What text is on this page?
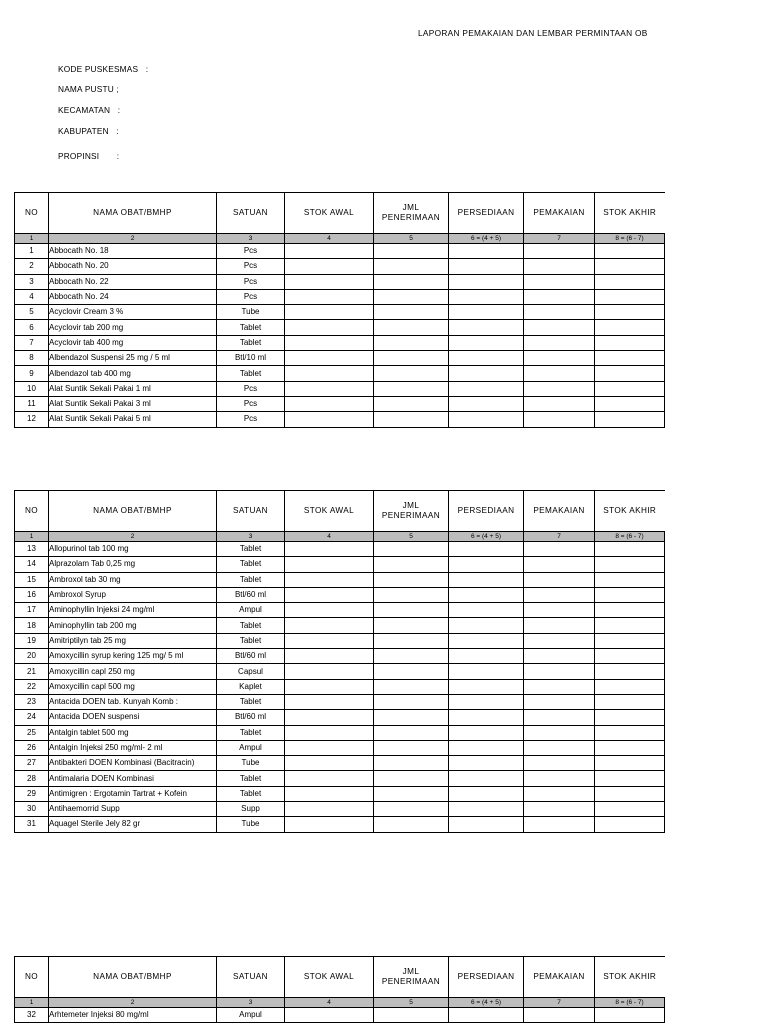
LAPORAN PEMAKAIAN DAN LEMBAR PERMINTAAN OB
KODE PUSKESMAS   :
NAMA PUSTU ;
KECAMATAN   :
KABUPATEN   :
PROPINSI       :
NO	NAMA OBAT/BMHP	SATUAN	STOK AWAL	JML
PENERIMAAN	PERSEDIAAN	PEMAKAIAN	STOK AKHIR
1	2	3	4	5	6 = (4 + 5)	7	8 = (6 - 7)
1	Abbocath No. 18	Pcs					
2	Abbocath No. 20	Pcs					
3	Abbocath No. 22	Pcs					
4	Abbocath No. 24	Pcs					
5	Acyclovir Cream 3 %	Tube					
6	Acyclovir tab 200 mg	Tablet					
7	Acyclovir tab 400 mg	Tablet					
8	Albendazol Suspensi 25 mg / 5 ml	Btl/10 ml					
9	Albendazol tab 400 mg	Tablet					
10	Alat Suntik Sekali Pakai 1 ml	Pcs					
11	Alat Suntik Sekali Pakai 3 ml	Pcs					
12	Alat Suntik Sekali Pakai 5 ml	Pcs					
NO	NAMA OBAT/BMHP	SATUAN	STOK AWAL	JML
PENERIMAAN	PERSEDIAAN	PEMAKAIAN	STOK AKHIR
1	2	3	4	5	6 = (4 + 5)	7	8 = (6 - 7)
13	Allopurinol tab 100 mg	Tablet					
14	Alprazolam Tab 0,25 mg	Tablet					
15	Ambroxol tab 30 mg	Tablet					
16	Ambroxol Syrup	Btl/60 ml					
17	Aminophyllin Injeksi 24 mg/ml	Ampul					
18	Aminophyllin tab 200 mg	Tablet					
19	Amitriptilyn tab 25 mg	Tablet					
20	Amoxycillin syrup kering 125 mg/ 5 ml	Btl/60 ml					
21	Amoxycillin capl 250 mg	Capsul					
22	Amoxycillin capl 500 mg	Kaplet					
23	Antacida DOEN tab. Kunyah Komb :	Tablet					
24	Antacida DOEN suspensi	Btl/60 ml					
25	Antalgin tablet 500 mg	Tablet					
26	Antalgin Injeksi 250 mg/ml- 2 ml	Ampul					
27	Antibakteri DOEN Kombinasi (Bacitracin)	Tube					
28	Antimalaria DOEN Kombinasi	Tablet					
29	Antimigren : Ergotamin Tartrat + Kofein	Tablet					
30	Antihaemorrid Supp	Supp					
31	Aquagel Sterile Jely 82 gr	Tube					
NO	NAMA OBAT/BMHP	SATUAN	STOK AWAL	JML
PENERIMAAN	PERSEDIAAN	PEMAKAIAN	STOK AKHIR
1	2	3	4	5	6 = (4 + 5)	7	8 = (6 - 7)
32	Arhtemeter Injeksi 80 mg/ml	Ampul					
